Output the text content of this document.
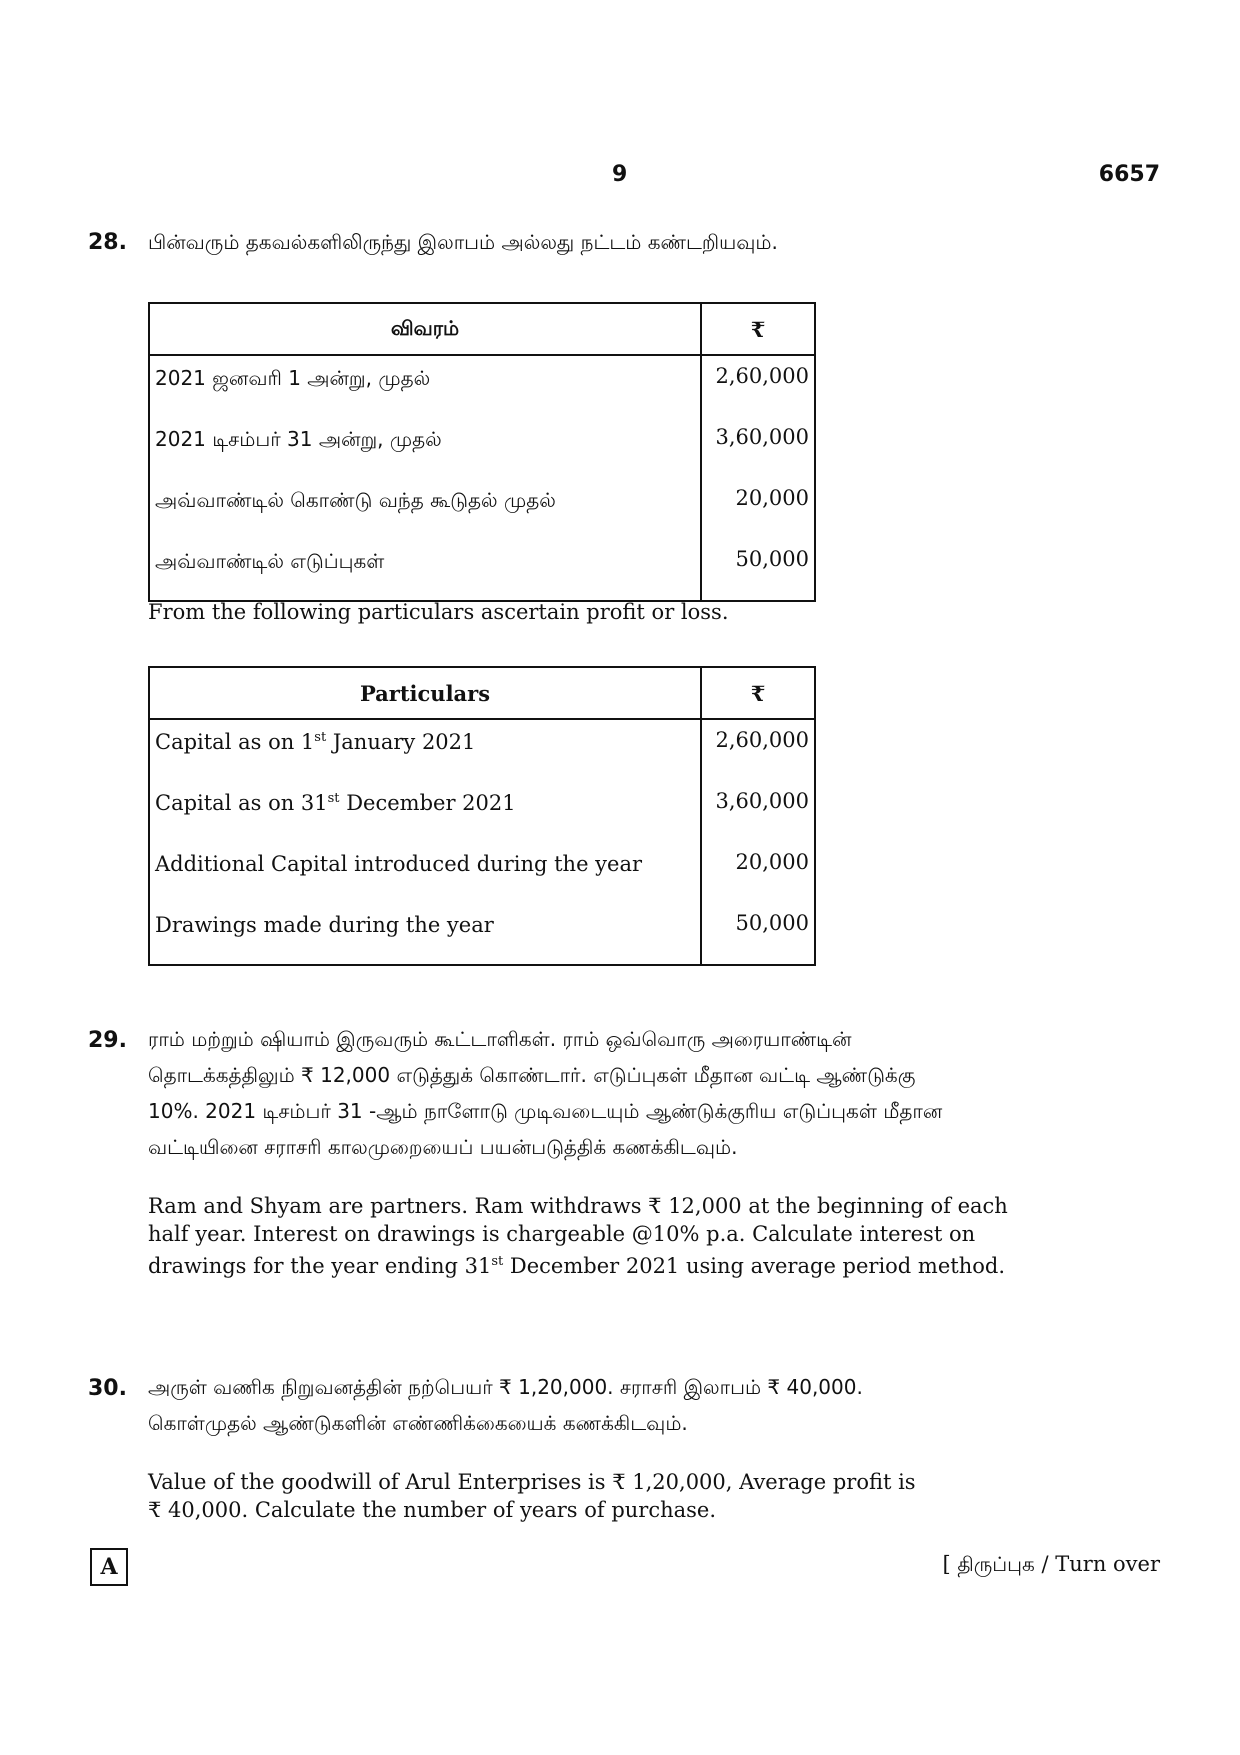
9	6657
28. பின்வரும் தகவல்களிலிருந்து இலாபம் அல்லது நட்டம் கண்டறியவும்.
விவரம்	₹
2021 ஜனவரி 1 அன்று, முதல்	2,60,000
2021 டிசம்பர் 31 அன்று, முதல்	3,60,000
அவ்வாண்டில் கொண்டு வந்த கூடுதல் முதல்	20,000
அவ்வாண்டில் எடுப்புகள்	50,000
From the following particulars ascertain profit or loss.
Particulars	₹
Capital as on 1st January 2021	2,60,000
Capital as on 31st December 2021	3,60,000
Additional Capital introduced during the year	20,000
Drawings made during the year	50,000
29. ராம் மற்றும் ஷியாம் இருவரும் கூட்டாளிகள். ராம் ஒவ்வொரு அரையாண்டின்
தொடக்கத்திலும் ₹ 12,000 எடுத்துக் கொண்டார். எடுப்புகள் மீதான வட்டி ஆண்டுக்கு
10%. 2021 டிசம்பர் 31 -ஆம் நாளோடு முடிவடையும் ஆண்டுக்குரிய எடுப்புகள் மீதான
வட்டியினை சராசரி காலமுறையைப் பயன்படுத்திக் கணக்கிடவும்.
Ram and Shyam are partners. Ram withdraws ₹ 12,000 at the beginning of each
half year. Interest on drawings is chargeable @10% p.a. Calculate interest on
drawings for the year ending 31st December 2021 using average period method.
30. அருள் வணிக நிறுவனத்தின் நற்பெயர் ₹ 1,20,000. சராசரி இலாபம் ₹ 40,000.
கொள்முதல் ஆண்டுகளின் எண்ணிக்கையைக் கணக்கிடவும்.
Value of the goodwill of Arul Enterprises is ₹ 1,20,000, Average profit is
₹ 40,000. Calculate the number of years of purchase.
A	[ திருப்புக / Turn over
